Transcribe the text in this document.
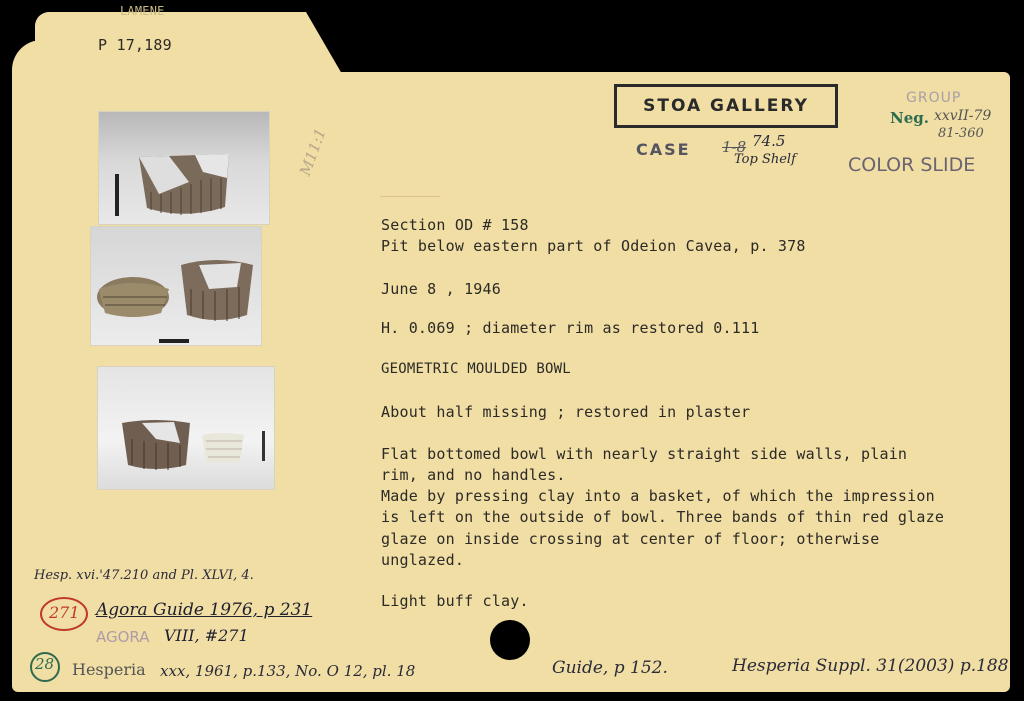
LAMENE
P 17,189
STOA GALLERY
CASE 1-8 74.5
Top Shelf
GROUP
Neg. xxvII-79
81-360
COLOR SLIDE
M11:1
Section OD # 158
Pit below eastern part of Odeion Cavea, p. 378
June 8 , 1946
H. 0.069 ; diameter rim as restored 0.111
GEOMETRIC MOULDED BOWL
About half missing ; restored in plaster
Flat bottomed bowl with nearly straight side walls, plain
rim, and no handles.
Made by pressing clay into a basket, of which the impression
is left on the outside of bowl. Three bands of thin red glaze
glaze on inside crossing at center of floor; otherwise
unglazed.
Light buff clay.
Hesp. xvi.'47.210 and Pl. XLVI, 4.
271 Agora Guide 1976, p 231
AGORA VIII, #271
28 Hesperia xxx, 1961, p.133, No. O 12, pl. 18	Guide, p 152.	Hesperia Suppl. 31(2003) p.188
